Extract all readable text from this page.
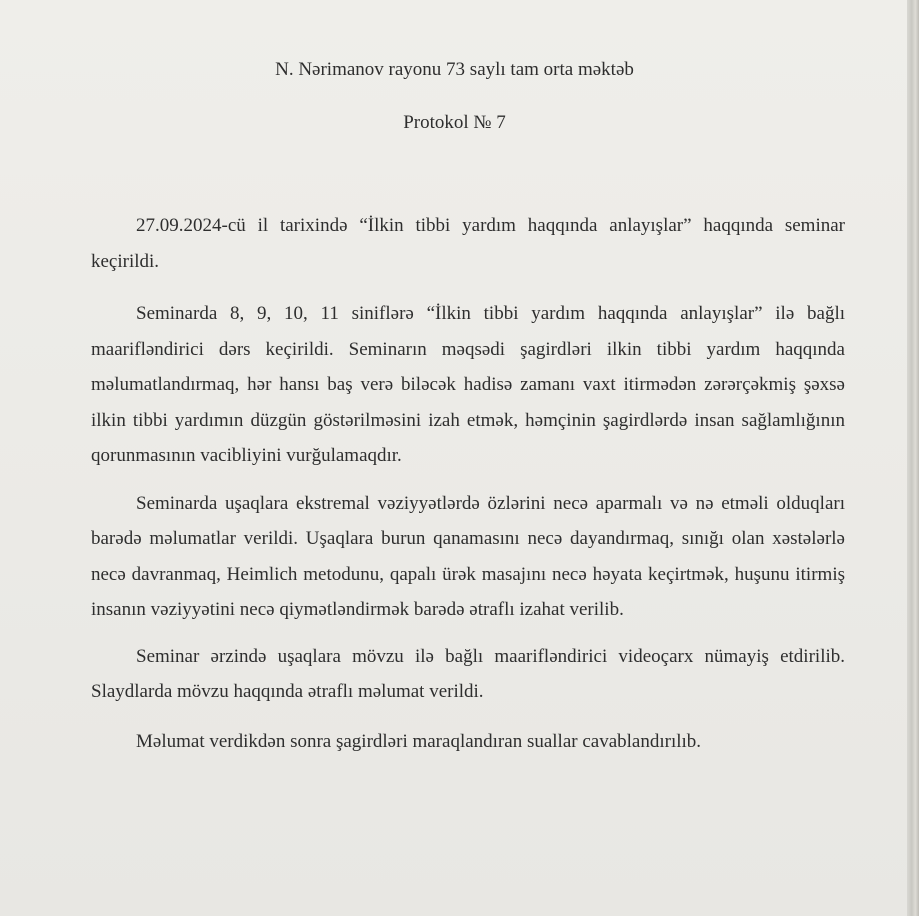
N. Nərimanov rayonu 73 saylı tam orta məktəb
Protokol № 7

27.09.2024-cü il tarixində “İlkin tibbi yardım haqqında anlayışlar” haqqında seminar keçirildi.

Seminarda 8, 9, 10, 11 siniflərə “İlkin tibbi yardım haqqında anlayışlar” ilə bağlı maarifləndirici dərs keçirildi. Seminarın məqsədi şagirdləri ilkin tibbi yardım haqqında məlumatlandırmaq, hər hansı baş verə biləcək hadisə zamanı vaxt itirmədən zərərçəkmiş şəxsə ilkin tibbi yardımın düzgün göstərilməsini izah etmək, həmçinin şagirdlərdə insan sağlamlığının qorunmasının vacibliyini vurğulamaqdır.

Seminarda uşaqlara ekstremal vəziyyətlərdə özlərini necə aparmalı və nə etməli olduqları barədə məlumatlar verildi. Uşaqlara burun qanamasını necə dayandırmaq, sınığı olan xəstələrlə necə davranmaq, Heimlich metodunu, qapalı ürək masajını necə həyata keçirtmək, huşunu itirmiş insanın vəziyyətini necə qiymətləndirmək barədə ətraflı izahat verilib.

Seminar ərzində uşaqlara mövzu ilə bağlı maarifləndirici videoçarx nümayiş etdirilib. Slaydlarda mövzu haqqında ətraflı məlumat verildi.

Məlumat verdikdən sonra şagirdləri maraqlandıran suallar cavablandırılıb.
